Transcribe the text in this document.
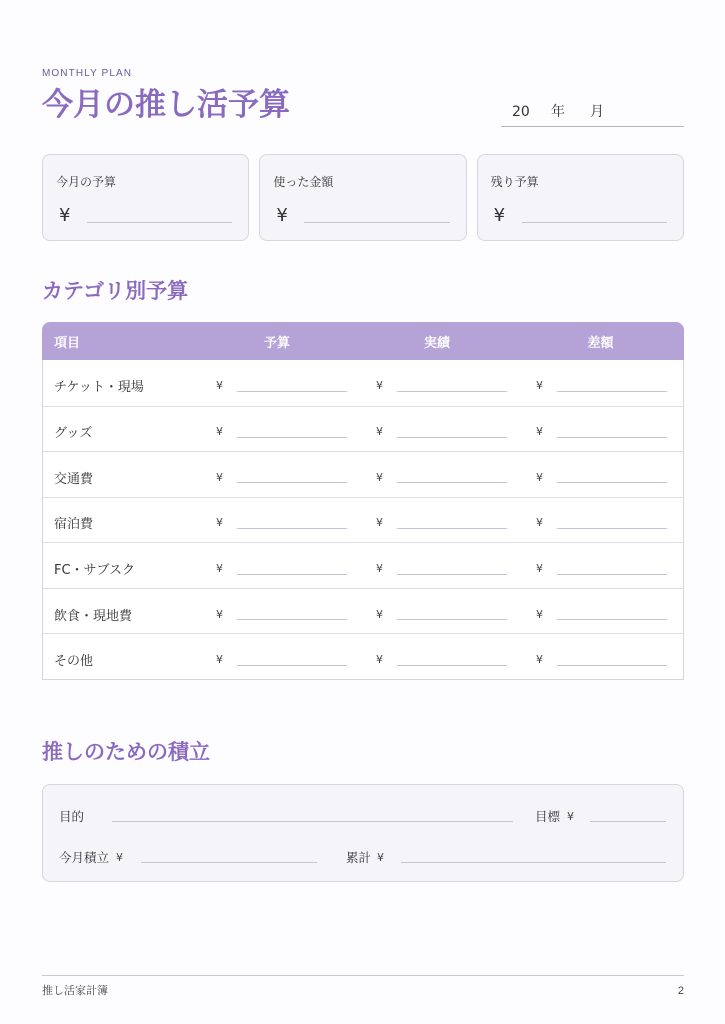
MONTHLY PLAN
今月の推し活予算	20 年 月
今月の予算
¥
使った金額
¥
残り予算
¥
カテゴリ別予算
項目	予算	実績	差額
チケット・現場	¥	¥	¥
グッズ	¥	¥	¥
交通費	¥	¥	¥
宿泊費	¥	¥	¥
FC・サブスク	¥	¥	¥
飲食・現地費	¥	¥	¥
その他	¥	¥	¥
推しのための積立
目的	目標 ¥
今月積立 ¥	累計 ¥
推し活家計簿	2
